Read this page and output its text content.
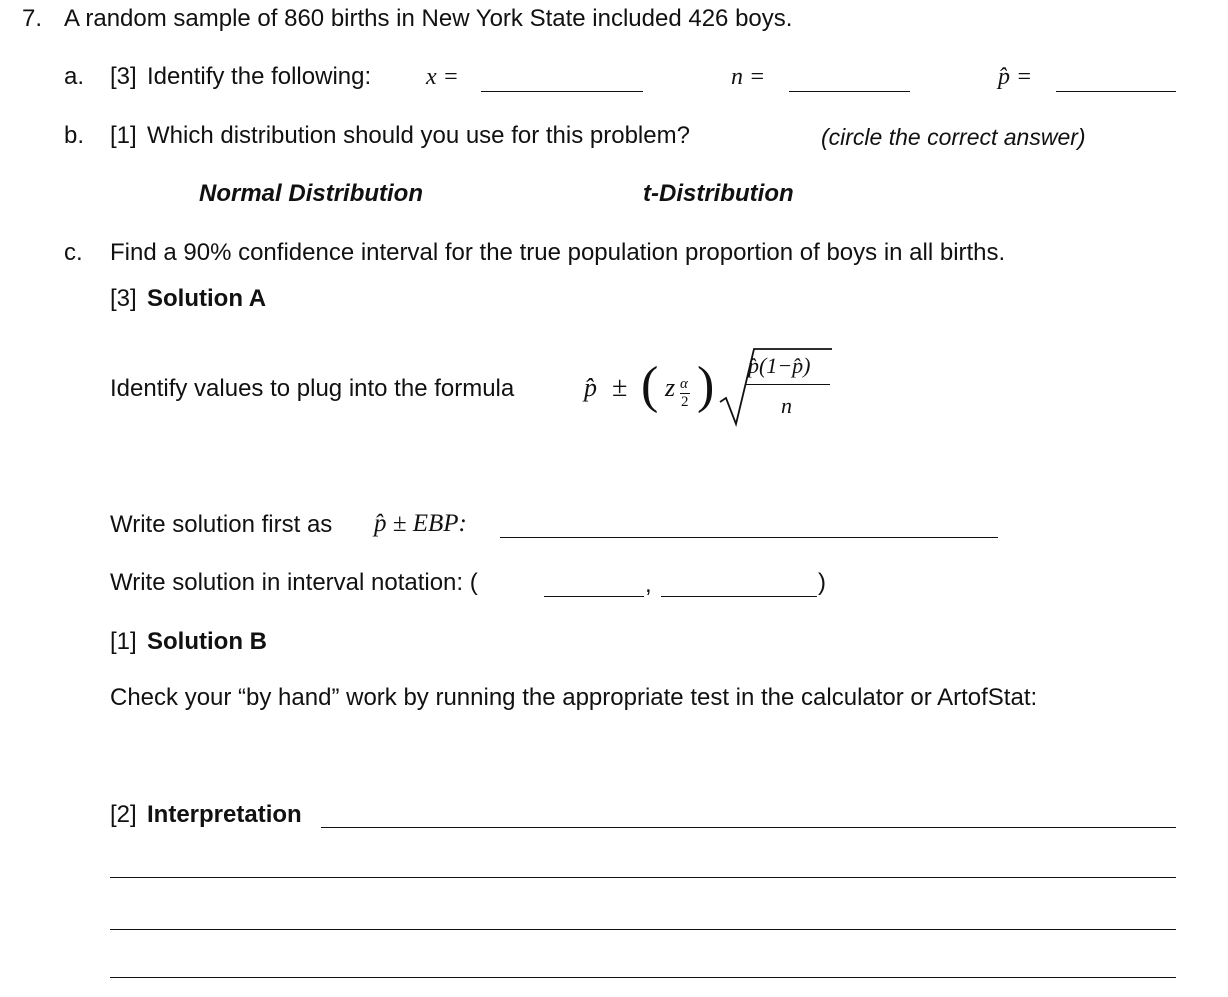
7. A random sample of 860 births in New York State included 426 boys.
a. [3] Identify the following: x =	n =	p̂ =
b. [1] Which distribution should you use for this problem?	(circle the correct answer)
Normal Distribution	t-Distribution
c. Find a 90% confidence interval for the true population proportion of boys in all births.
[3] Solution A
Identify values to plug into the formula	p̂ ± ( z α
2 ) p̂(1−p̂)
n
Write solution first as p̂ ± EBP:
Write solution in interval notation: (	,	)
[1] Solution B
Check your “by hand” work by running the appropriate test in the calculator or ArtofStat:
[2] Interpretation
